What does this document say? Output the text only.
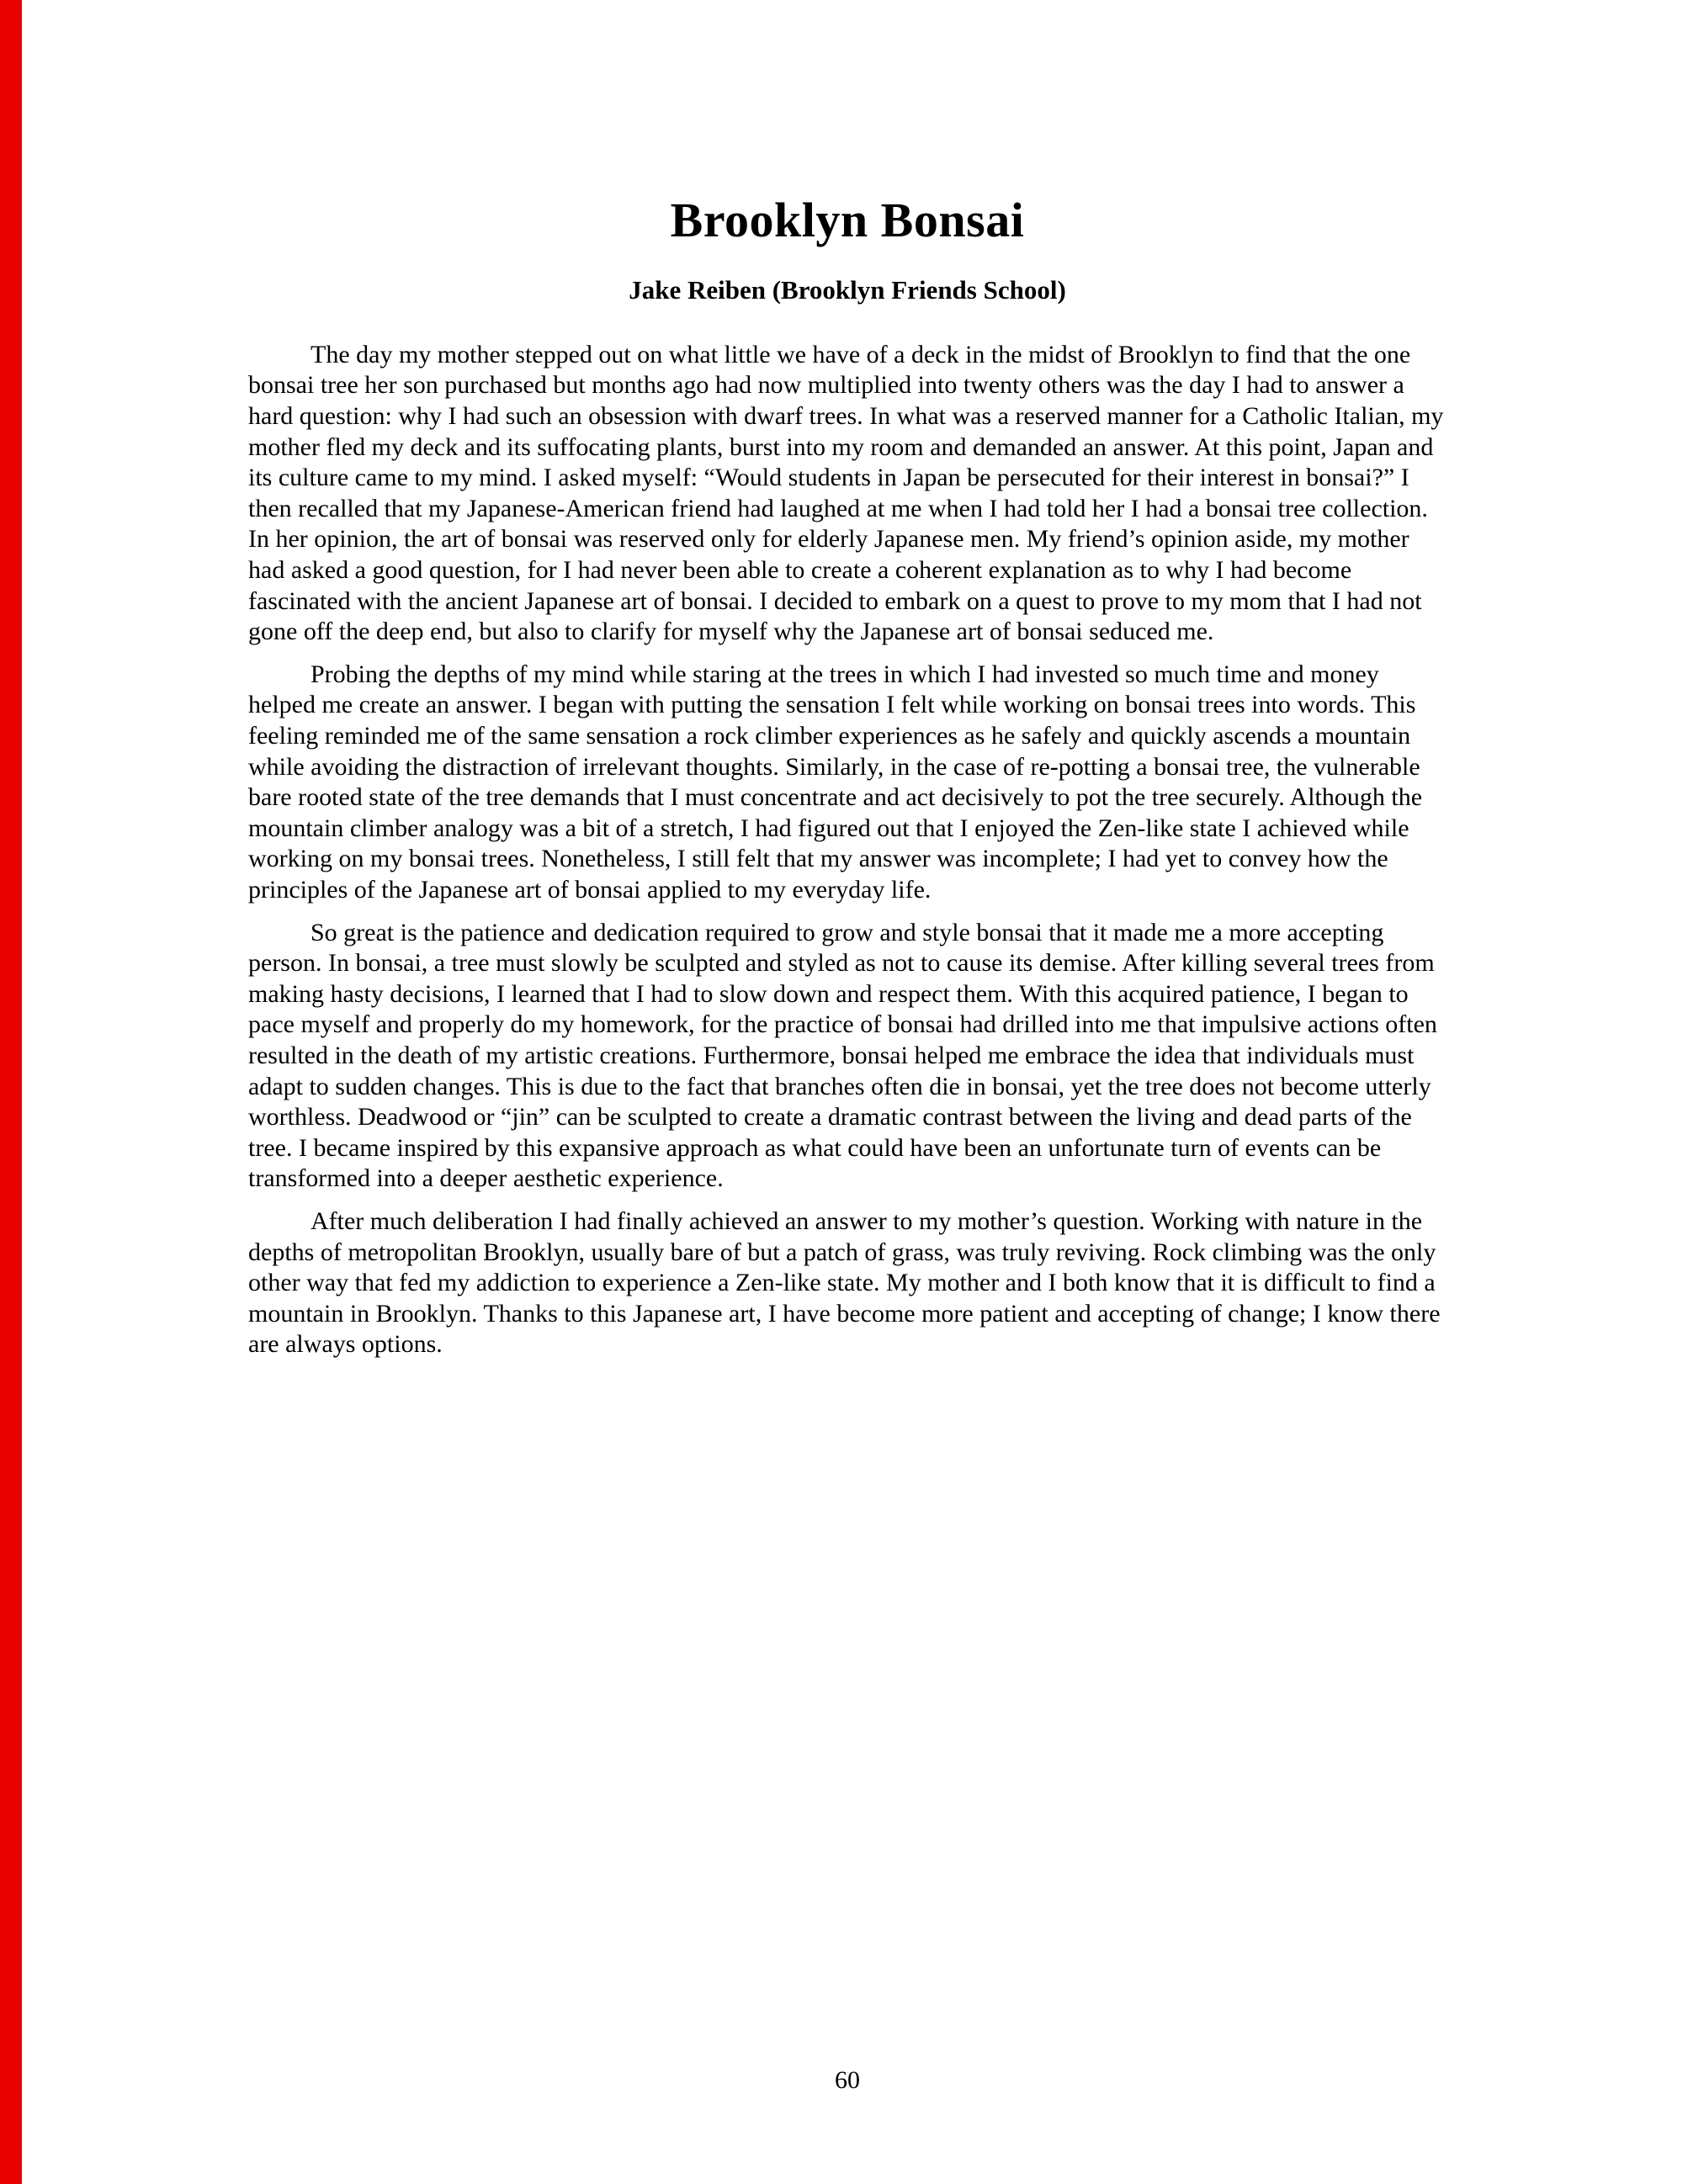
Brooklyn Bonsai
Jake Reiben (Brooklyn Friends School)

The day my mother stepped out on what little we have of a deck in the midst of Brooklyn to find that the one bonsai tree her son purchased but months ago had now multiplied into twenty others was the day I had to answer a hard question: why I had such an obsession with dwarf trees. In what was a reserved manner for a Catholic Italian, my mother fled my deck and its suffocating plants, burst into my room and demanded an answer. At this point, Japan and its culture came to my mind. I asked myself: “Would students in Japan be persecuted for their interest in bonsai?” I then recalled that my Japanese-American friend had laughed at me when I had told her I had a bonsai tree collection. In her opinion, the art of bonsai was reserved only for elderly Japanese men. My friend’s opinion aside, my mother had asked a good question, for I had never been able to create a coherent explanation as to why I had become fascinated with the ancient Japanese art of bonsai. I decided to embark on a quest to prove to my mom that I had not gone off the deep end, but also to clarify for myself why the Japanese art of bonsai seduced me.

Probing the depths of my mind while staring at the trees in which I had invested so much time and money helped me create an answer. I began with putting the sensation I felt while working on bonsai trees into words. This feeling reminded me of the same sensation a rock climber experiences as he safely and quickly ascends a mountain while avoiding the distraction of irrelevant thoughts. Similarly, in the case of re-potting a bonsai tree, the vulnerable bare rooted state of the tree demands that I must concentrate and act decisively to pot the tree securely. Although the mountain climber analogy was a bit of a stretch, I had figured out that I enjoyed the Zen-like state I achieved while working on my bonsai trees. Nonetheless, I still felt that my answer was incomplete; I had yet to convey how the principles of the Japanese art of bonsai applied to my everyday life.

So great is the patience and dedication required to grow and style bonsai that it made me a more accepting person. In bonsai, a tree must slowly be sculpted and styled as not to cause its demise. After killing several trees from making hasty decisions, I learned that I had to slow down and respect them. With this acquired patience, I began to pace myself and properly do my homework, for the practice of bonsai had drilled into me that impulsive actions often resulted in the death of my artistic creations. Furthermore, bonsai helped me embrace the idea that individuals must adapt to sudden changes. This is due to the fact that branches often die in bonsai, yet the tree does not become utterly worthless. Deadwood or “jin” can be sculpted to create a dramatic contrast between the living and dead parts of the tree. I became inspired by this expansive approach as what could have been an unfortunate turn of events can be transformed into a deeper aesthetic experience.

After much deliberation I had finally achieved an answer to my mother’s question. Working with nature in the depths of metropolitan Brooklyn, usually bare of but a patch of grass, was truly reviving. Rock climbing was the only other way that fed my addiction to experience a Zen-like state. My mother and I both know that it is difficult to find a mountain in Brooklyn. Thanks to this Japanese art, I have become more patient and accepting of change; I know there are always options.

60
